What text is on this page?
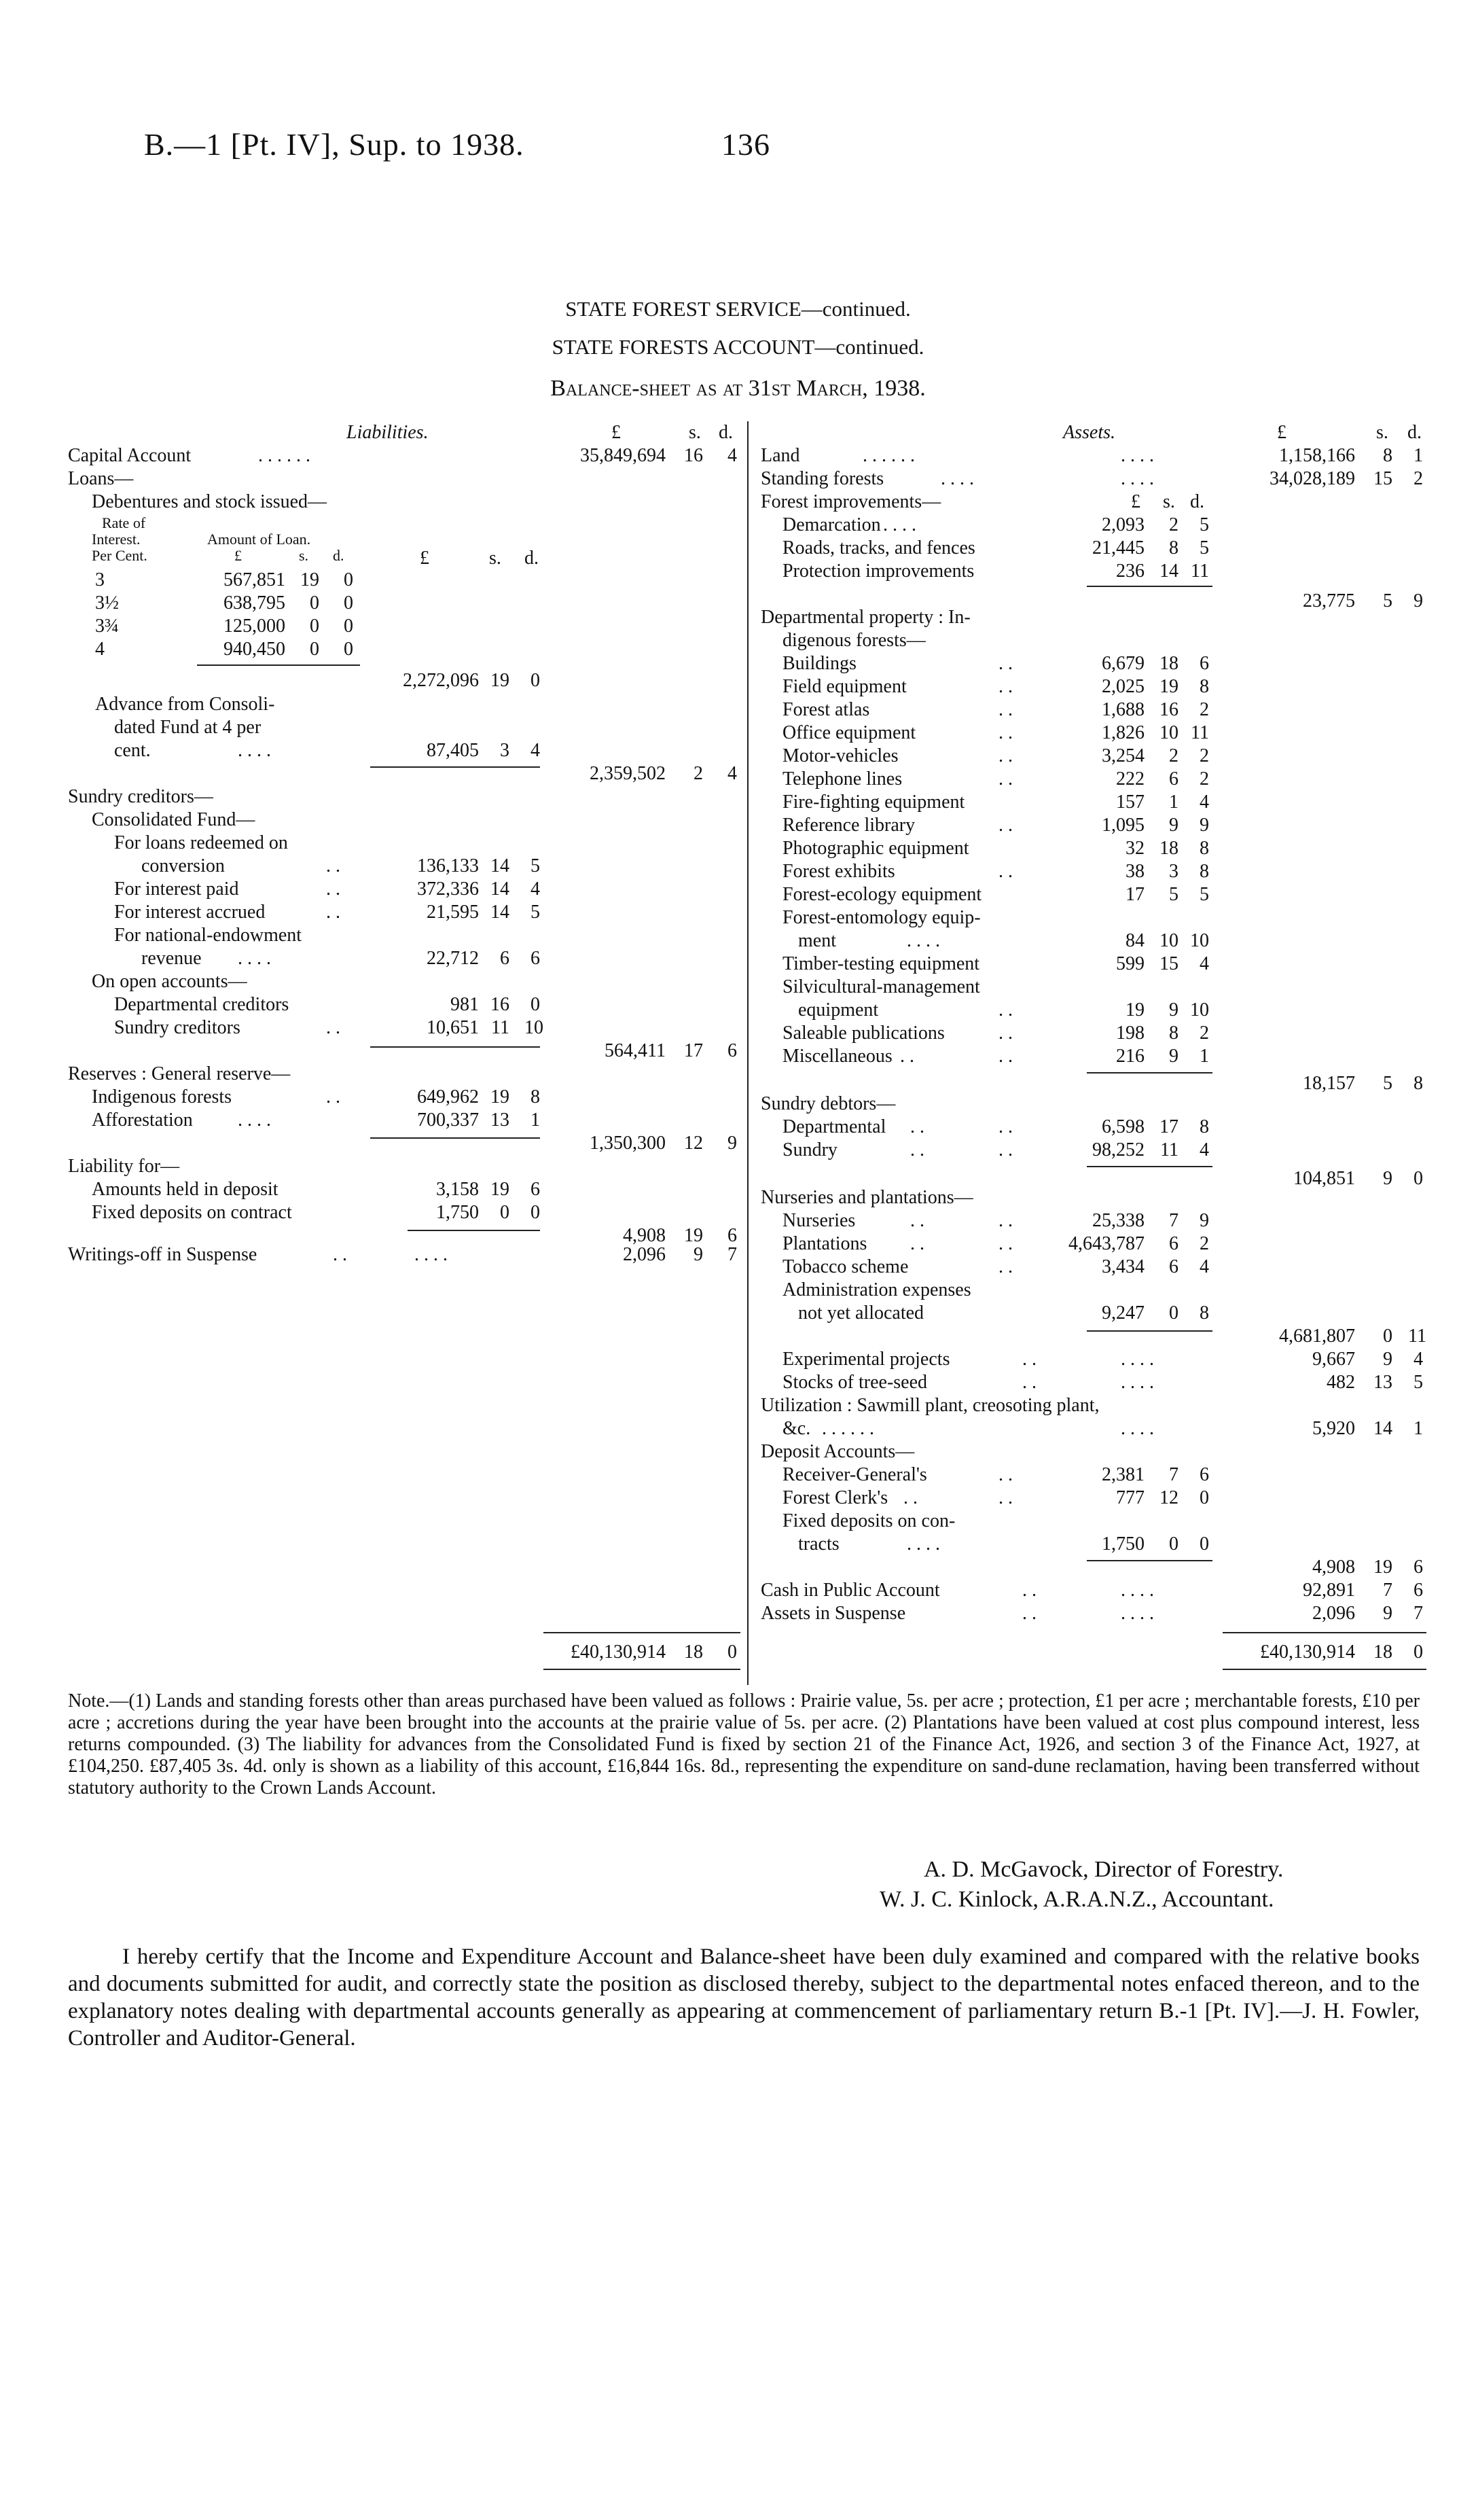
B.—1 [Pt. IV], Sup. to 1938.	136
STATE FOREST SERVICE—continued.
STATE FORESTS ACCOUNT—continued.
Balance-sheet as at 31st March, 1938.
Liabilities.	£	s. d.
Capital Account	. . . . . .	35,849,694 16	4
Loans—
Debentures and stock issued—
Rate of
Interest.	Amount of Loan.
Per Cent.	£	s. d.	£	s. d.
3	567,851 19	0
3½	638,795	0	0
3¾	125,000	0	0
4	940,450	0	0
2,272,096 19	0
Advance from Consoli-
dated Fund at 4 per
cent.	. . . .	87,405	3	4
2,359,502	2	4
Sundry creditors—
Consolidated Fund—
For loans redeemed on
conversion	. .	136,133 14	5
For interest paid	. .	372,336 14	4
For interest accrued	. .	21,595 14	5
For national-endowment
revenue . . . .	22,712	6	6
On open accounts—
Departmental creditors	981 16	0
Sundry creditors	. .	10,651 11 10
564,411 17	6
Reserves : General reserve—
Indigenous forests	. .	649,962 19	8
Afforestation . . . .	700,337 13	1
1,350,300 12	9
Liability for—
Amounts held in deposit	3,158 19	6
Fixed deposits on contract	1,750	0	0
4,908 19	6
Writings-off in Suspense	. .	. . . .	2,096	9	7
£40,130,914 18	0
Assets.	£	s. d.
Land	. . . . . .	. . . .	1,158,166	8	1
Standing forests	. . . .	. . . .	34,028,189 15	2
Forest improvements—	£ s. d.
Demarcation . . . .	2,093	2	5
Roads, tracks, and fences	21,445	8	5
Protection improvements	236 14 11
23,775	5	9
Departmental property : In-
digenous forests—
Buildings	. .	6,679 18	6
Field equipment	. .	2,025 19	8
Forest atlas	. .	1,688 16	2
Office equipment	. .	1,826 10 11
Motor-vehicles	. .	3,254	2	2
Telephone lines	. .	222	6	2
Fire-fighting equipment	157	1	4
Reference library	. .	1,095	9	9
Photographic equipment	32 18	8
Forest exhibits	. .	38	3	8
Forest-ecology equipment	17	5	5
Forest-entomology equip-
ment	. . . .	84 10 10
Timber-testing equipment	599 15	4
Silvicultural-management
equipment	. .	19	9 10
Saleable publications	. .	198	8	2
Miscellaneous . .	. .	216	9	1
18,157	5	8
Sundry debtors—
Departmental . .	. .	6,598 17	8
Sundry	. .	. .	98,252 11	4
104,851	9	0
Nurseries and plantations—
Nurseries	. .	. .	25,338	7	9
Plantations . .	. .	4,643,787	6	2
Tobacco scheme	. .	3,434	6	4
Administration expenses
not yet allocated	9,247	0	8
4,681,807	0 11
Experimental projects	. .	. . . .	9,667	9	4
Stocks of tree-seed	. .	. . . .	482 13	5
Utilization : Sawmill plant, creosoting plant,
&c. . . . . . .	. . . .	5,920 14	1
Deposit Accounts—
Receiver-General's	. .	2,381	7	6
Forest Clerk's . .	. .	777 12	0
Fixed deposits on con-
tracts	. . . .	1,750	0	0
4,908 19	6
Cash in Public Account	. .	. . . .	92,891	7	6
Assets in Suspense	. .	. . . .	2,096	9	7
£40,130,914 18	0
Note.—(1) Lands and standing forests other than areas purchased have been valued as follows : Prairie value, 5s. per acre ; protection, £1 per acre ; merchantable forests, £10 per acre ; accretions during the year have been brought into the accounts at the prairie value of 5s. per acre. (2) Plantations have been valued at cost plus compound interest, less returns compounded. (3) The liability for advances from the Consolidated Fund is fixed by section 21 of the Finance Act, 1926, and section 3 of the Finance Act, 1927, at £104,250. £87,405 3s. 4d. only is shown as a liability of this account, £16,844 16s. 8d., representing the expenditure on sand-dune reclamation, having been transferred without statutory authority to the Crown Lands Account.
A. D. McGavock, Director of Forestry.
W. J. C. Kinlock, A.R.A.N.Z., Accountant.
I hereby certify that the Income and Expenditure Account and Balance-sheet have been duly examined and compared with the relative books and documents submitted for audit, and correctly state the position as disclosed thereby, subject to the departmental notes enfaced thereon, and to the explanatory notes dealing with departmental accounts generally as appearing at commencement of parliamentary return B.-1 [Pt. IV].—J. H. Fowler, Controller and Auditor-General.
